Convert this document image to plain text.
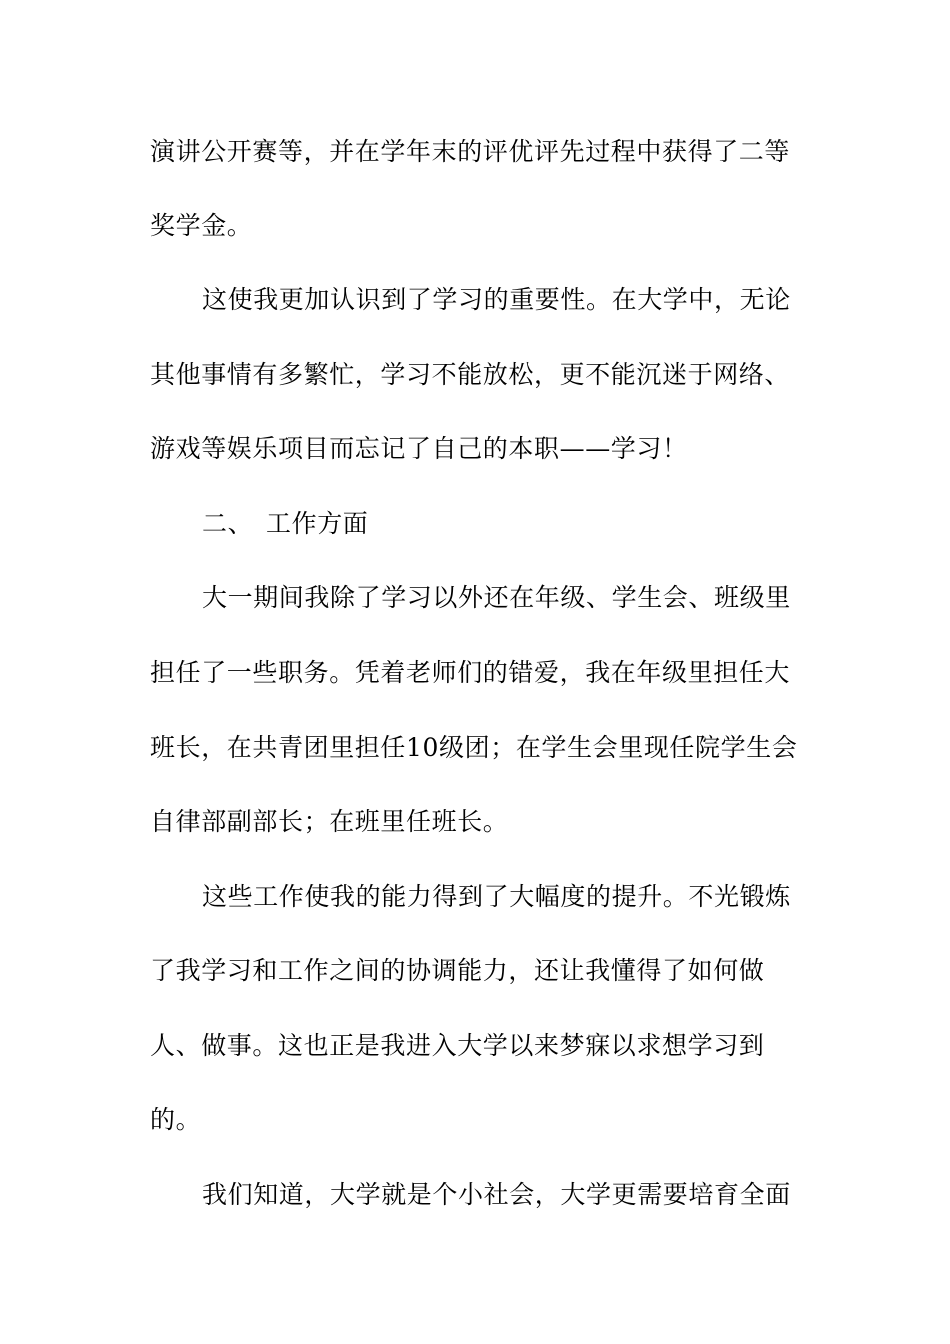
演讲公开赛等，并在学年末的评优评先过程中获得了二等
奖学金。
这使我更加认识到了学习的重要性。在大学中，无论
其他事情有多繁忙，学习不能放松，更不能沉迷于网络、
游戏等娱乐项目而忘记了自己的本职——学习！
二、 工作方面
大一期间我除了学习以外还在年级、学生会、班级里
担任了一些职务。凭着老师们的错爱，我在年级里担任大
班长，在共青团里担任10级团；在学生会里现任院学生会
自律部副部长；在班里任班长。
这些工作使我的能力得到了大幅度的提升。不光锻炼
了我学习和工作之间的协调能力，还让我懂得了如何做
人、做事。这也正是我进入大学以来梦寐以求想学习到
的。
我们知道，大学就是个小社会，大学更需要培育全面
